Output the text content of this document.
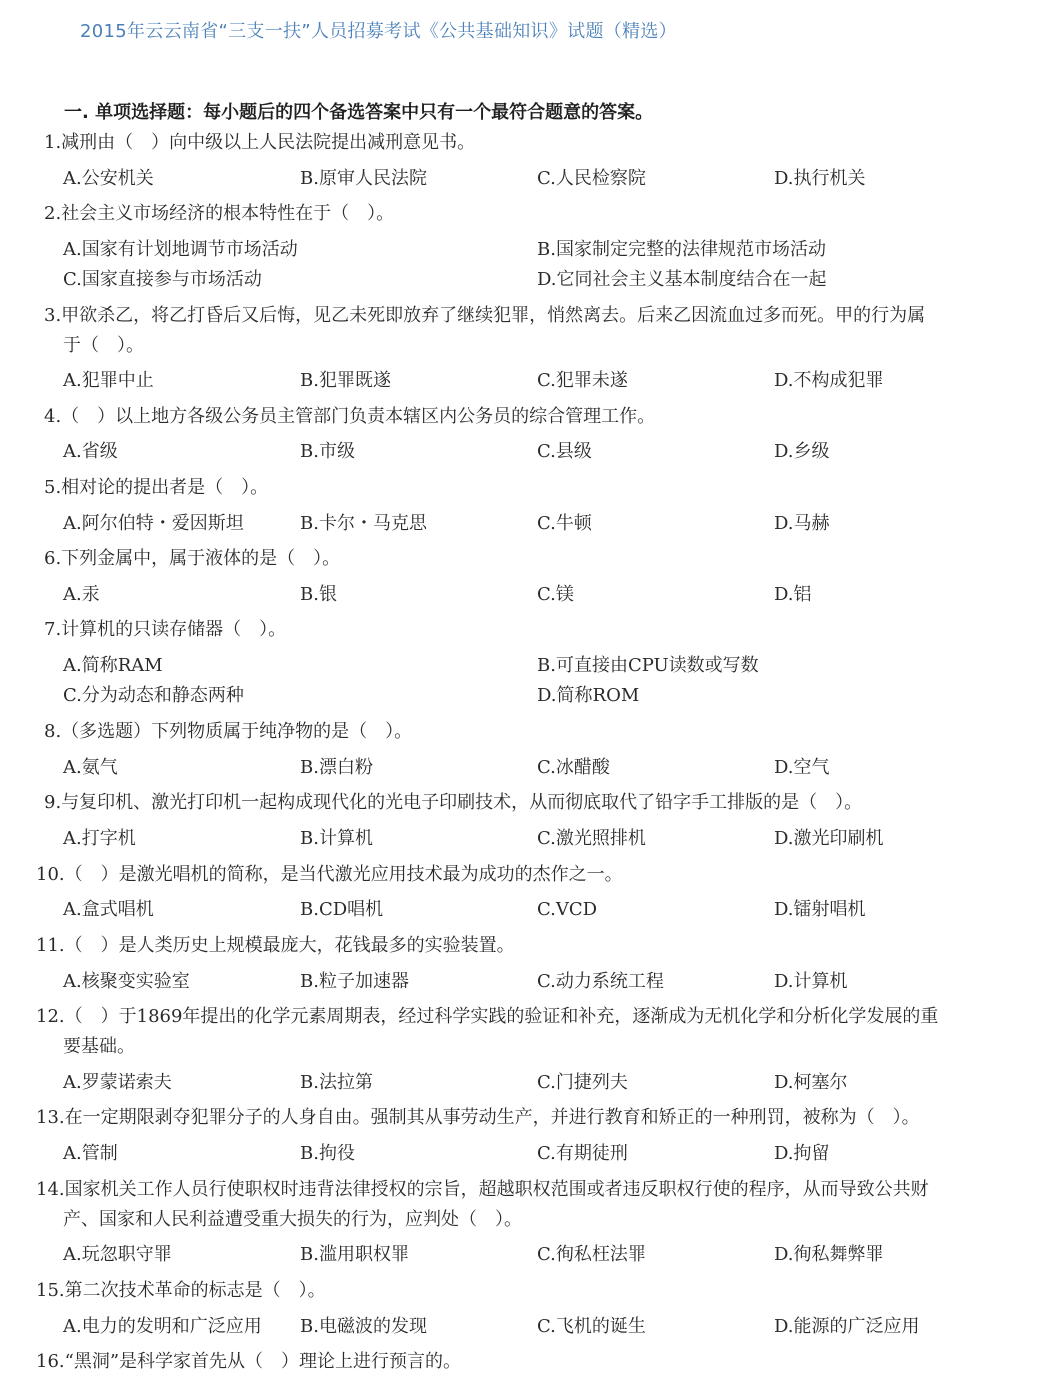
2015年云云南省“三支一扶”人员招募考试《公共基础知识》试题（精选）
一. 单项选择题：每小题后的四个备选答案中只有一个最符合题意的答案。
1.减刑由（　）向中级以上人民法院提出减刑意见书。
A.公安机关	B.原审人民法院	C.人民检察院	D.执行机关
2.社会主义市场经济的根本特性在于（　）。
A.国家有计划地调节市场活动	B.国家制定完整的法律规范市场活动
C.国家直接参与市场活动	D.它同社会主义基本制度结合在一起
3.甲欲杀乙，将乙打昏后又后悔，见乙未死即放弃了继续犯罪，悄然离去。后来乙因流血过多而死。甲的行为属
于（　）。
A.犯罪中止	B.犯罪既遂	C.犯罪未遂	D.不构成犯罪
4.（　）以上地方各级公务员主管部门负责本辖区内公务员的综合管理工作。
A.省级	B.市级	C.县级	D.乡级
5.相对论的提出者是（　）。
A.阿尔伯特・爱因斯坦	B.卡尔・马克思	C.牛顿	D.马赫
6.下列金属中，属于液体的是（　）。
A.汞	B.银	C.镁	D.铝
7.计算机的只读存储器（　）。
A.简称RAM	B.可直接由CPU读数或写数
C.分为动态和静态两种	D.简称ROM
8.（多选题）下列物质属于纯净物的是（　）。
A.氨气	B.漂白粉	C.冰醋酸	D.空气
9.与复印机、激光打印机一起构成现代化的光电子印刷技术，从而彻底取代了铅字手工排版的是（　）。
A.打字机	B.计算机	C.激光照排机	D.激光印刷机
10.（　）是激光唱机的简称，是当代激光应用技术最为成功的杰作之一。
A.盒式唱机	B.CD唱机	C.VCD	D.镭射唱机
11.（　）是人类历史上规模最庞大，花钱最多的实验装置。
A.核聚变实验室	B.粒子加速器	C.动力系统工程	D.计算机
12.（　）于1869年提出的化学元素周期表，经过科学实践的验证和补充，逐渐成为无机化学和分析化学发展的重
要基础。
A.罗蒙诺索夫	B.法拉第	C.门捷列夫	D.柯塞尔
13.在一定期限剥夺犯罪分子的人身自由。强制其从事劳动生产，并进行教育和矫正的一种刑罚，被称为（　）。
A.管制	B.拘役	C.有期徒刑	D.拘留
14.国家机关工作人员行使职权时违背法律授权的宗旨，超越职权范围或者违反职权行使的程序，从而导致公共财
产、国家和人民利益遭受重大损失的行为，应判处（　）。
A.玩忽职守罪	B.滥用职权罪	C.徇私枉法罪	D.徇私舞弊罪
15.第二次技术革命的标志是（　）。
A.电力的发明和广泛应用 B.电磁波的发现	C.飞机的诞生	D.能源的广泛应用
16.“黑洞”是科学家首先从（　）理论上进行预言的。
